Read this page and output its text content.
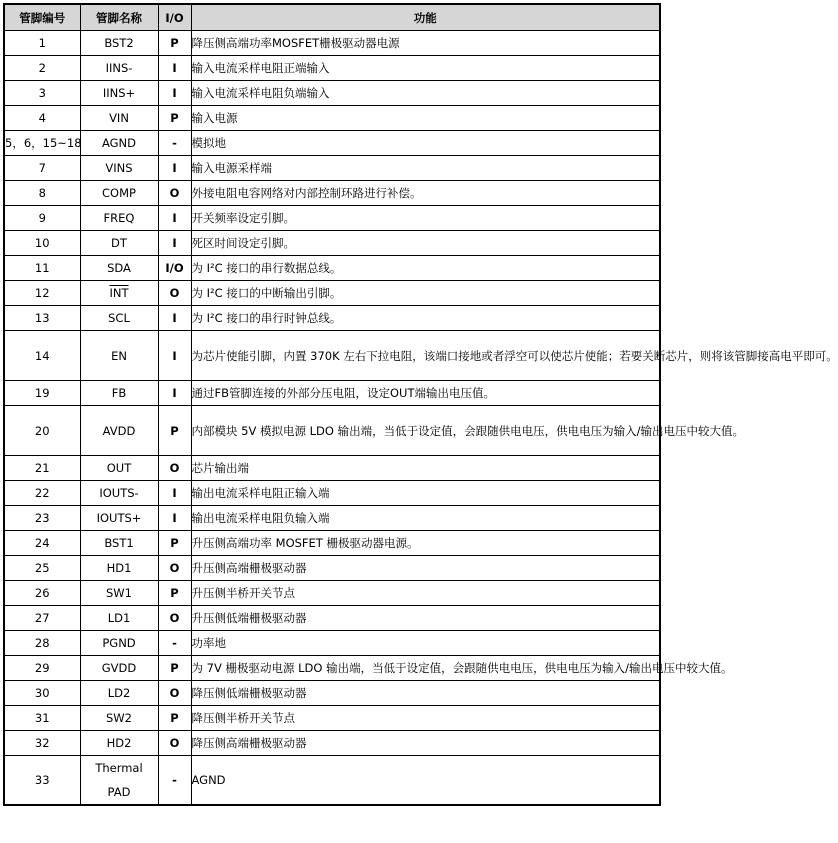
管脚编号	管脚名称	I/O	功能
1	BST2	P	降压侧高端功率MOSFET栅极驱动器电源
2	IINS-	I	输入电流采样电阻正端输入
3	IINS+	I	输入电流采样电阻负端输入
4	VIN	P	输入电源
5，6，15~18	AGND	-	模拟地
7	VINS	I	输入电源采样端
8	COMP	O	外接电阻电容网络对内部控制环路进行补偿。
9	FREQ	I	开关频率设定引脚。
10	DT	I	死区时间设定引脚。
11	SDA	I/O	为 I²C 接口的串行数据总线。
12	$\overline{INT}$	O	为 I²C 接口的中断输出引脚。
13	SCL	I	为 I²C 接口的串行时钟总线。
14	EN	I	为芯片使能引脚，内置 370K 左右下拉电阻，该端口接地或者浮空可以使芯片使能；若要关断芯片，则将该管脚接高电平即可。
19	FB	I	通过FB管脚连接的外部分压电阻，设定OUT端输出电压值。
20	AVDD	P	内部模块 5V 模拟电源 LDO 输出端，当低于设定值，会跟随供电电压，供电电压为输入/输出电压中较大值。
21	OUT	O	芯片输出端
22	IOUTS-	I	输出电流采样电阻正输入端
23	IOUTS+	I	输出电流采样电阻负输入端
24	BST1	P	升压侧高端功率 MOSFET 栅极驱动器电源。
25	HD1	O	升压侧高端栅极驱动器
26	SW1	P	升压侧半桥开关节点
27	LD1	O	升压侧低端栅极驱动器
28	PGND	-	功率地
29	GVDD	P	为 7V 栅极驱动电源 LDO 输出端，当低于设定值，会跟随供电电压，供电电压为输入/输出电压中较大值。
30	LD2	O	降压侧低端栅极驱动器
31	SW2	P	降压侧半桥开关节点
32	HD2	O	降压侧高端栅极驱动器
33	Thermal PAD	-	AGND
